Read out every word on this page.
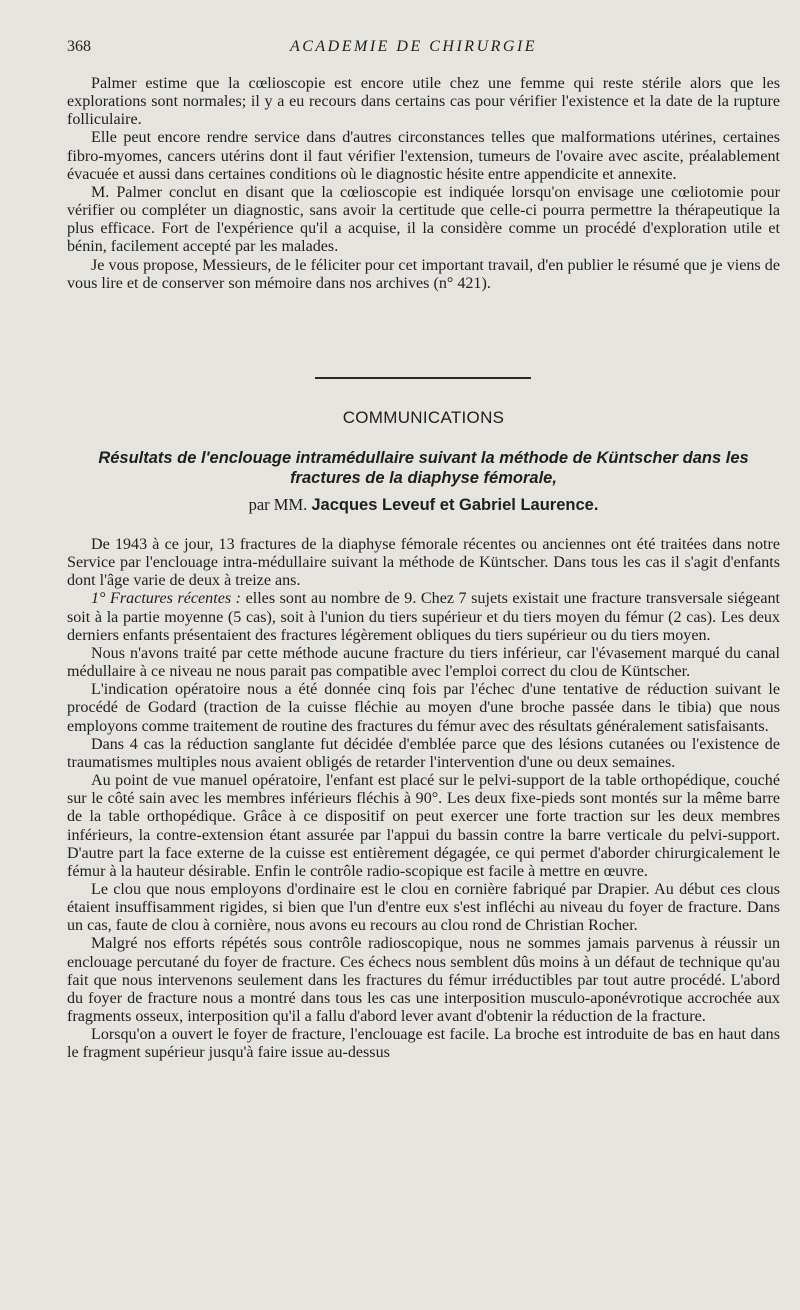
368	ACADEMIE DE CHIRURGIE

Palmer estime que la cœlioscopie est encore utile chez une femme qui reste stérile alors que les explorations sont normales; il y a eu recours dans certains cas pour vérifier l'existence et la date de la rupture folliculaire.

Elle peut encore rendre service dans d'autres circonstances telles que malformations utérines, certaines fibro-myomes, cancers utérins dont il faut vérifier l'extension, tumeurs de l'ovaire avec ascite, préalablement évacuée et aussi dans certaines conditions où le diagnostic hésite entre appendicite et annexite.

M. Palmer conclut en disant que la cœlioscopie est indiquée lorsqu'on envisage une cœliotomie pour vérifier ou compléter un diagnostic, sans avoir la certitude que celle-ci pourra permettre la thérapeutique la plus efficace. Fort de l'expérience qu'il a acquise, il la considère comme un procédé d'exploration utile et bénin, facilement accepté par les malades.

Je vous propose, Messieurs, de le féliciter pour cet important travail, d'en publier le résumé que je viens de vous lire et de conserver son mémoire dans nos archives (n° 421).

COMMUNICATIONS
Résultats de l'enclouage intramédullaire suivant la méthode de Küntscher dans les fractures de la diaphyse fémorale,
par MM. Jacques Leveuf et Gabriel Laurence.

De 1943 à ce jour, 13 fractures de la diaphyse fémorale récentes ou anciennes ont été traitées dans notre Service par l'enclouage intra-médullaire suivant la méthode de Küntscher. Dans tous les cas il s'agit d'enfants dont l'âge varie de deux à treize ans.

1° Fractures récentes : elles sont au nombre de 9. Chez 7 sujets existait une fracture transversale siégeant soit à la partie moyenne (5 cas), soit à l'union du tiers supérieur et du tiers moyen du fémur (2 cas). Les deux derniers enfants présentaient des fractures légèrement obliques du tiers supérieur ou du tiers moyen.

Nous n'avons traité par cette méthode aucune fracture du tiers inférieur, car l'évasement marqué du canal médullaire à ce niveau ne nous parait pas compatible avec l'emploi correct du clou de Küntscher.

L'indication opératoire nous a été donnée cinq fois par l'échec d'une tentative de réduction suivant le procédé de Godard (traction de la cuisse fléchie au moyen d'une broche passée dans le tibia) que nous employons comme traitement de routine des fractures du fémur avec des résultats généralement satisfaisants.

Dans 4 cas la réduction sanglante fut décidée d'emblée parce que des lésions cutanées ou l'existence de traumatismes multiples nous avaient obligés de retarder l'intervention d'une ou deux semaines.

Au point de vue manuel opératoire, l'enfant est placé sur le pelvi-support de la table orthopédique, couché sur le côté sain avec les membres inférieurs fléchis à 90°. Les deux fixe-pieds sont montés sur la même barre de la table orthopédique. Grâce à ce dispositif on peut exercer une forte traction sur les deux membres inférieurs, la contre-extension étant assurée par l'appui du bassin contre la barre verticale du pelvi-support. D'autre part la face externe de la cuisse est entièrement dégagée, ce qui permet d'aborder chirurgicalement le fémur à la hauteur désirable. Enfin le contrôle radio-scopique est facile à mettre en œuvre.

Le clou que nous employons d'ordinaire est le clou en cornière fabriqué par Drapier. Au début ces clous étaient insuffisamment rigides, si bien que l'un d'entre eux s'est infléchi au niveau du foyer de fracture. Dans un cas, faute de clou à cornière, nous avons eu recours au clou rond de Christian Rocher.

Malgré nos efforts répétés sous contrôle radioscopique, nous ne sommes jamais parvenus à réussir un enclouage percutané du foyer de fracture. Ces échecs nous semblent dûs moins à un défaut de technique qu'au fait que nous intervenons seulement dans les fractures du fémur irréductibles par tout autre procédé. L'abord du foyer de fracture nous a montré dans tous les cas une interposition musculo-aponévrotique accrochée aux fragments osseux, interposition qu'il a fallu d'abord lever avant d'obtenir la réduction de la fracture.

Lorsqu'on a ouvert le foyer de fracture, l'enclouage est facile. La broche est introduite de bas en haut dans le fragment supérieur jusqu'à faire issue au-dessus
